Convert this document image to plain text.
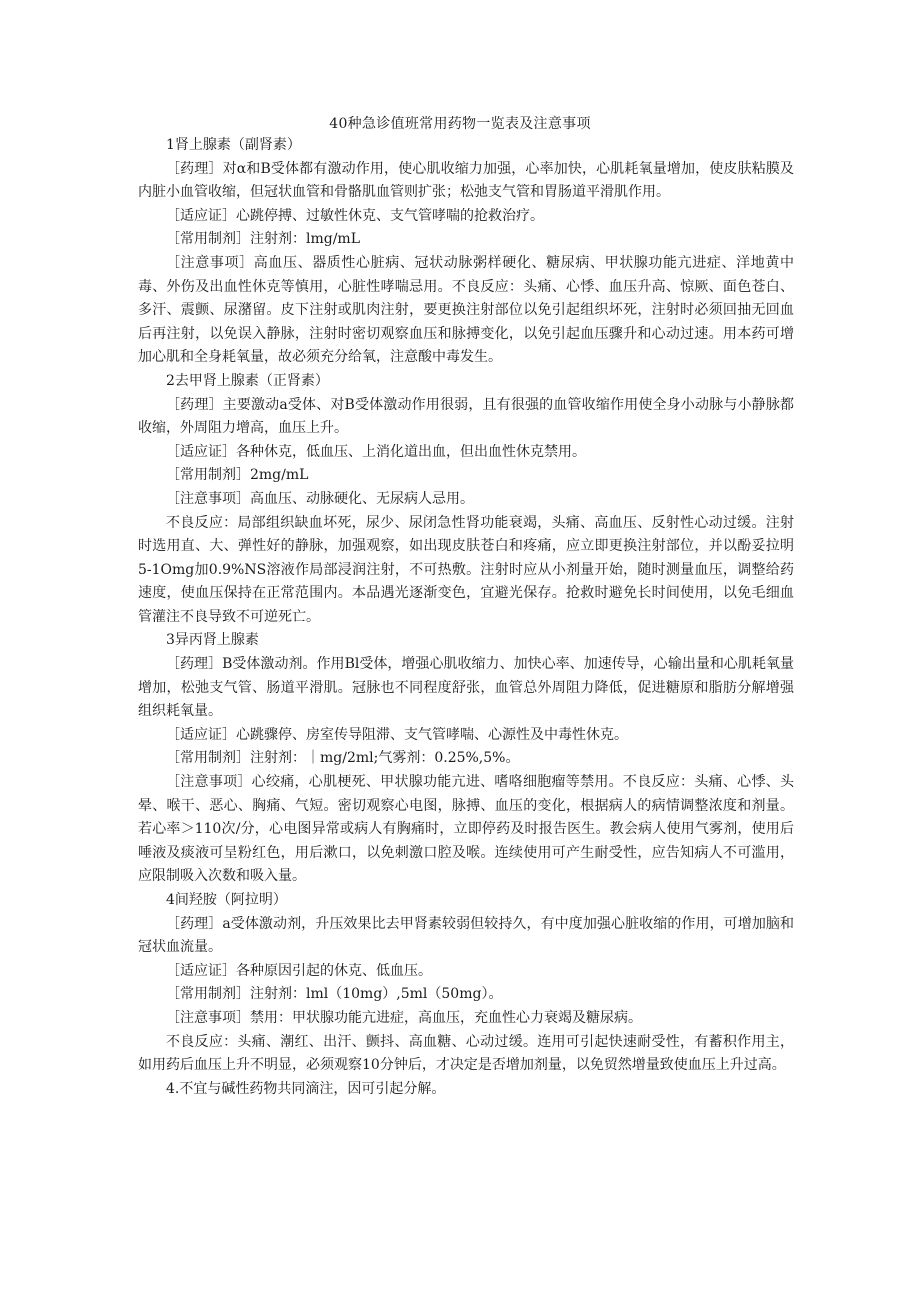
40种急诊值班常用药物一览表及注意事项

1肾上腺素（副肾素）

［药理］对α和B受体都有激动作用，使心肌收缩力加强，心率加快，心肌耗氧量增加，使皮肤粘膜及内脏小血管收缩，但冠状血管和骨骼肌血管则扩张；松弛支气管和胃肠道平滑肌作用。

［适应证］心跳停搏、过敏性休克、支气管哮喘的抢救治疗。

［常用制剂］注射剂：lmg∕mL

［注意事项］高血压、器质性心脏病、冠状动脉粥样硬化、糖尿病、甲状腺功能亢进症、洋地黄中毒、外伤及出血性休克等慎用，心脏性哮喘忌用。不良反应：头痛、心悸、血压升高、惊厥、面色苍白、多汗、震颤、尿潴留。皮下注射或肌肉注射，要更换注射部位以免引起组织坏死，注射时必须回抽无回血后再注射，以免误入静脉，注射时密切观察血压和脉搏变化，以免引起血压骤升和心动过速。用本药可增加心肌和全身耗氧量，故必须充分给氧，注意酸中毒发生。

2去甲肾上腺素（正肾素）

［药理］主要激动a受体、对B受体激动作用很弱，且有很强的血管收缩作用使全身小动脉与小静脉都收缩，外周阻力增高，血压上升。

［适应证］各种休克，低血压、上消化道出血，但出血性休克禁用。

［常用制剂］2mg∕mL

［注意事项］高血压、动脉硬化、无尿病人忌用。

不良反应：局部组织缺血坏死，尿少、尿闭急性肾功能衰竭，头痛、高血压、反射性心动过缓。注射时选用直、大、弹性好的静脉，加强观察，如出现皮肤苍白和疼痛，应立即更换注射部位，并以酚妥拉明5-1Omg加0.9%NS溶液作局部浸润注射，不可热敷。注射时应从小剂量开始，随时测量血压，调整给药速度，使血压保持在正常范围内。本品遇光逐渐变色，宜避光保存。抢救时避免长时间使用，以免毛细血管灌注不良导致不可逆死亡。

3异丙肾上腺素

［药理］B受体激动剂。作用Bl受体，增强心肌收缩力、加快心率、加速传导，心输出量和心肌耗氧量增加，松弛支气管、肠道平滑肌。冠脉也不同程度舒张，血管总外周阻力降低，促进糖原和脂肪分解增强组织耗氧量。

［适应证］心跳骤停、房室传导阻滞、支气管哮喘、心源性及中毒性休克。

［常用制剂］注射剂：｜mg∕2ml;气雾剂：0.25%,5%。

［注意事项］心绞痛，心肌梗死、甲状腺功能亢进、嗜咯细胞瘤等禁用。不良反应：头痛、心悸、头晕、喉干、恶心、胸痛、气短。密切观察心电图，脉搏、血压的变化，根据病人的病情调整浓度和剂量。若心率＞110次/分，心电图异常或病人有胸痛时，立即停药及时报告医生。教会病人使用气雾剂，使用后唾液及痰液可呈粉红色，用后漱口，以免刺激口腔及喉。连续使用可产生耐受性，应告知病人不可滥用，应限制吸入次数和吸入量。

4间羟胺（阿拉明）

［药理］a受体激动剂，升压效果比去甲肾素较弱但较持久，有中度加强心脏收缩的作用，可增加脑和冠状血流量。

［适应证］各种原因引起的休克、低血压。

［常用制剂］注射剂：lml（10mg）,5ml（50mg）。

［注意事项］禁用：甲状腺功能亢进症，高血压，充血性心力衰竭及糖尿病。

不良反应：头痛、潮红、出汗、颤抖、高血糖、心动过缓。连用可引起快速耐受性，有蓄积作用主，如用药后血压上升不明显，必须观察10分钟后，才决定是否增加剂量，以免贸然增量致使血压上升过高。

4.不宜与碱性药物共同滴注，因可引起分解。
